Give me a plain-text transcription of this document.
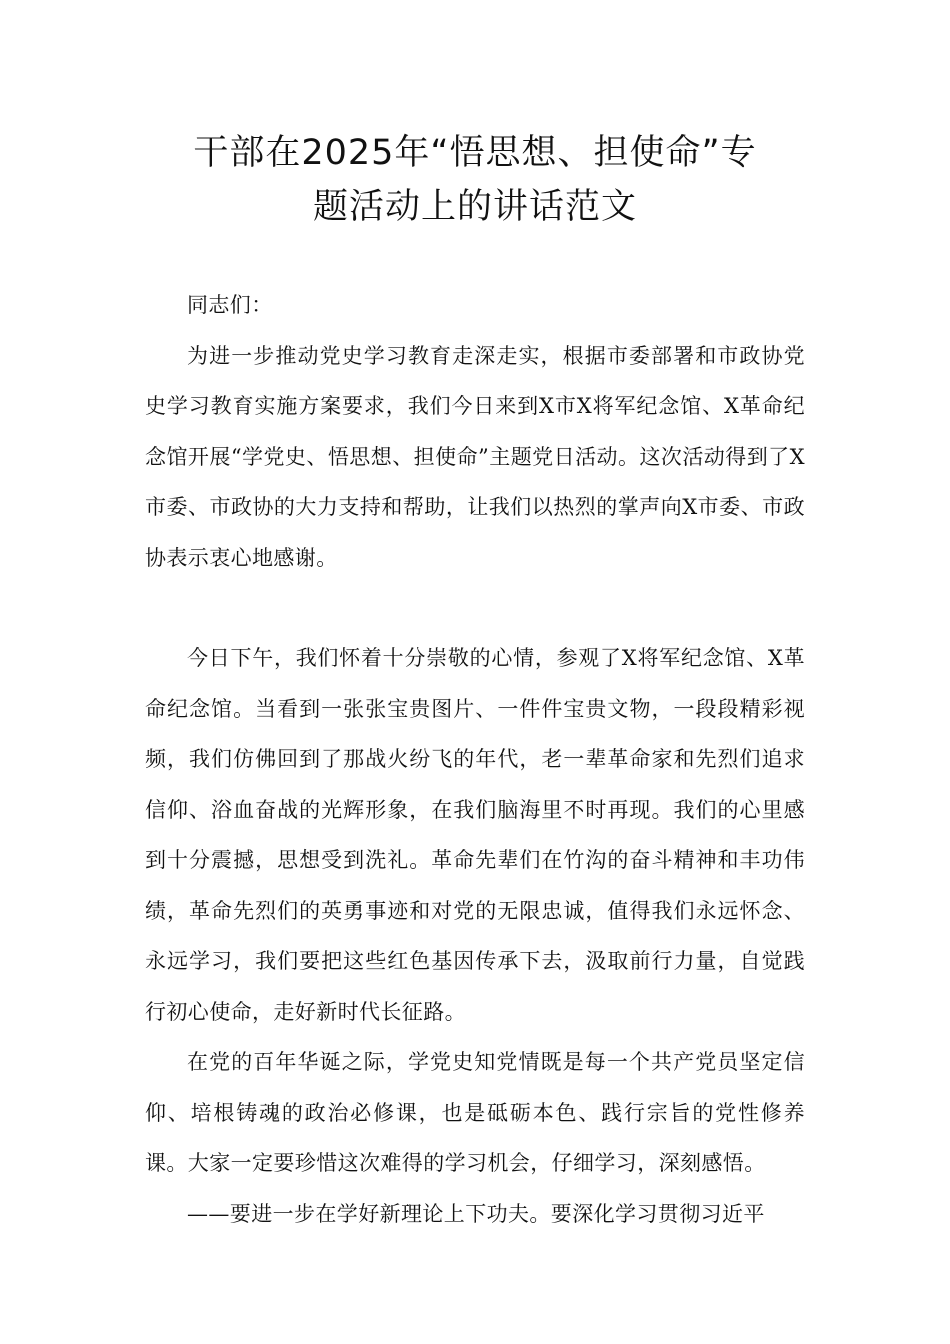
干部在2025年“悟思想、担使命”专
题活动上的讲话范文

同志们：

为进一步推动党史学习教育走深走实，根据市委部署和市政协党史学习教育实施方案要求，我们今日来到X市X将军纪念馆、X革命纪念馆开展“学党史、悟思想、担使命”主题党日活动。这次活动得到了X市委、市政协的大力支持和帮助，让我们以热烈的掌声向X市委、市政协表示衷心地感谢。

今日下午，我们怀着十分崇敬的心情，参观了X将军纪念馆、X革命纪念馆。当看到一张张宝贵图片、一件件宝贵文物，一段段精彩视频，我们仿佛回到了那战火纷飞的年代，老一辈革命家和先烈们追求信仰、浴血奋战的光辉形象，在我们脑海里不时再现。我们的心里感到十分震撼，思想受到洗礼。革命先辈们在竹沟的奋斗精神和丰功伟绩，革命先烈们的英勇事迹和对党的无限忠诚，值得我们永远怀念、永远学习，我们要把这些红色基因传承下去，汲取前行力量，自觉践行初心使命，走好新时代长征路。

在党的百年华诞之际，学党史知党情既是每一个共产党员坚定信仰、培根铸魂的政治必修课，也是砥砺本色、践行宗旨的党性修养课。大家一定要珍惜这次难得的学习机会，仔细学习，深刻感悟。

——要进一步在学好新理论上下功夫。要深化学习贯彻习近平
